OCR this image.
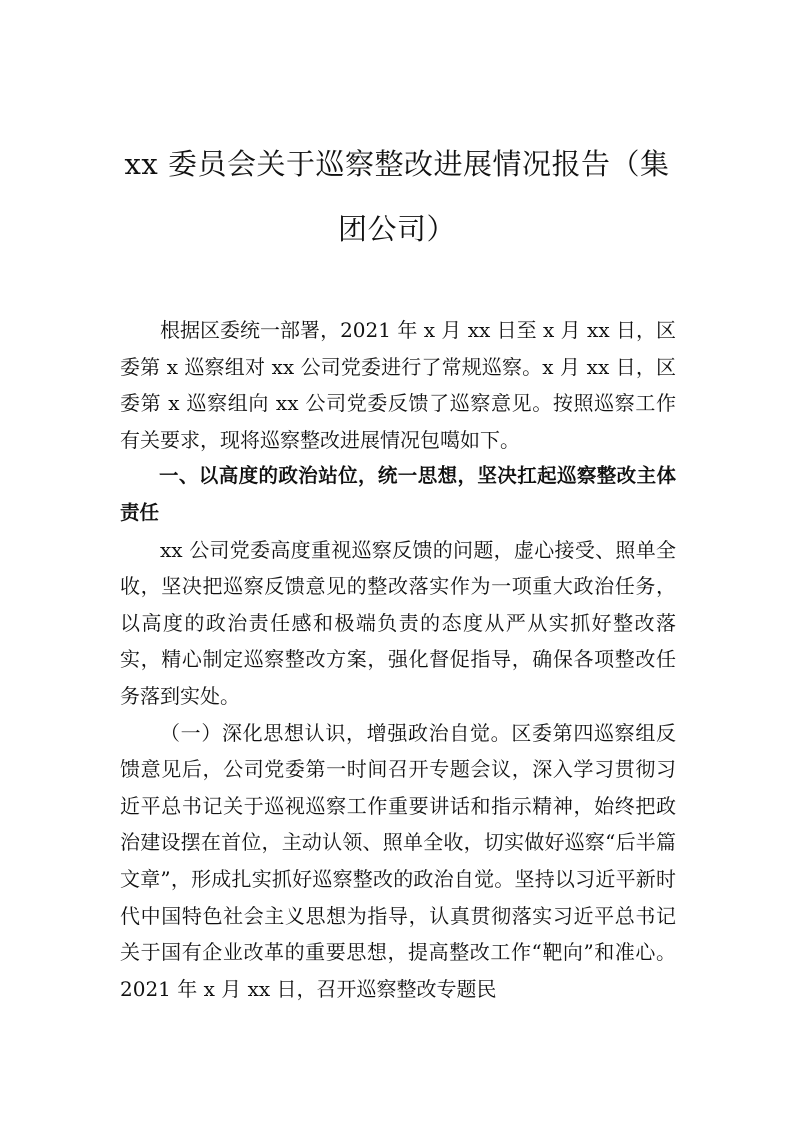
xx 委员会关于巡察整改进展情况报告（集
团公司）

根据区委统一部署，2021 年 x 月 xx 日至 x 月 xx 日，区委第 x 巡察组对 xx 公司党委进行了常规巡察。x 月 xx 日，区委第 x 巡察组向 xx 公司党委反馈了巡察意见。按照巡察工作有关要求，现将巡察整改进展情况包噶如下。

一、以高度的政治站位，统一思想，坚决扛起巡察整改主体责任

xx 公司党委高度重视巡察反馈的问题，虚心接受、照单全收，坚决把巡察反馈意见的整改落实作为一项重大政治任务，以高度的政治责任感和极端负责的态度从严从实抓好整改落实，精心制定巡察整改方案，强化督促指导，确保各项整改任务落到实处。

（一）深化思想认识，增强政治自觉。区委第四巡察组反馈意见后，公司党委第一时间召开专题会议，深入学习贯彻习近平总书记关于巡视巡察工作重要讲话和指示精神，始终把政治建设摆在首位，主动认领、照单全收，切实做好巡察“后半篇文章”，形成扎实抓好巡察整改的政治自觉。坚持以习近平新时代中国特色社会主义思想为指导，认真贯彻落实习近平总书记关于国有企业改革的重要思想，提高整改工作“靶向”和准心。2021 年 x 月 xx 日，召开巡察整改专题民
